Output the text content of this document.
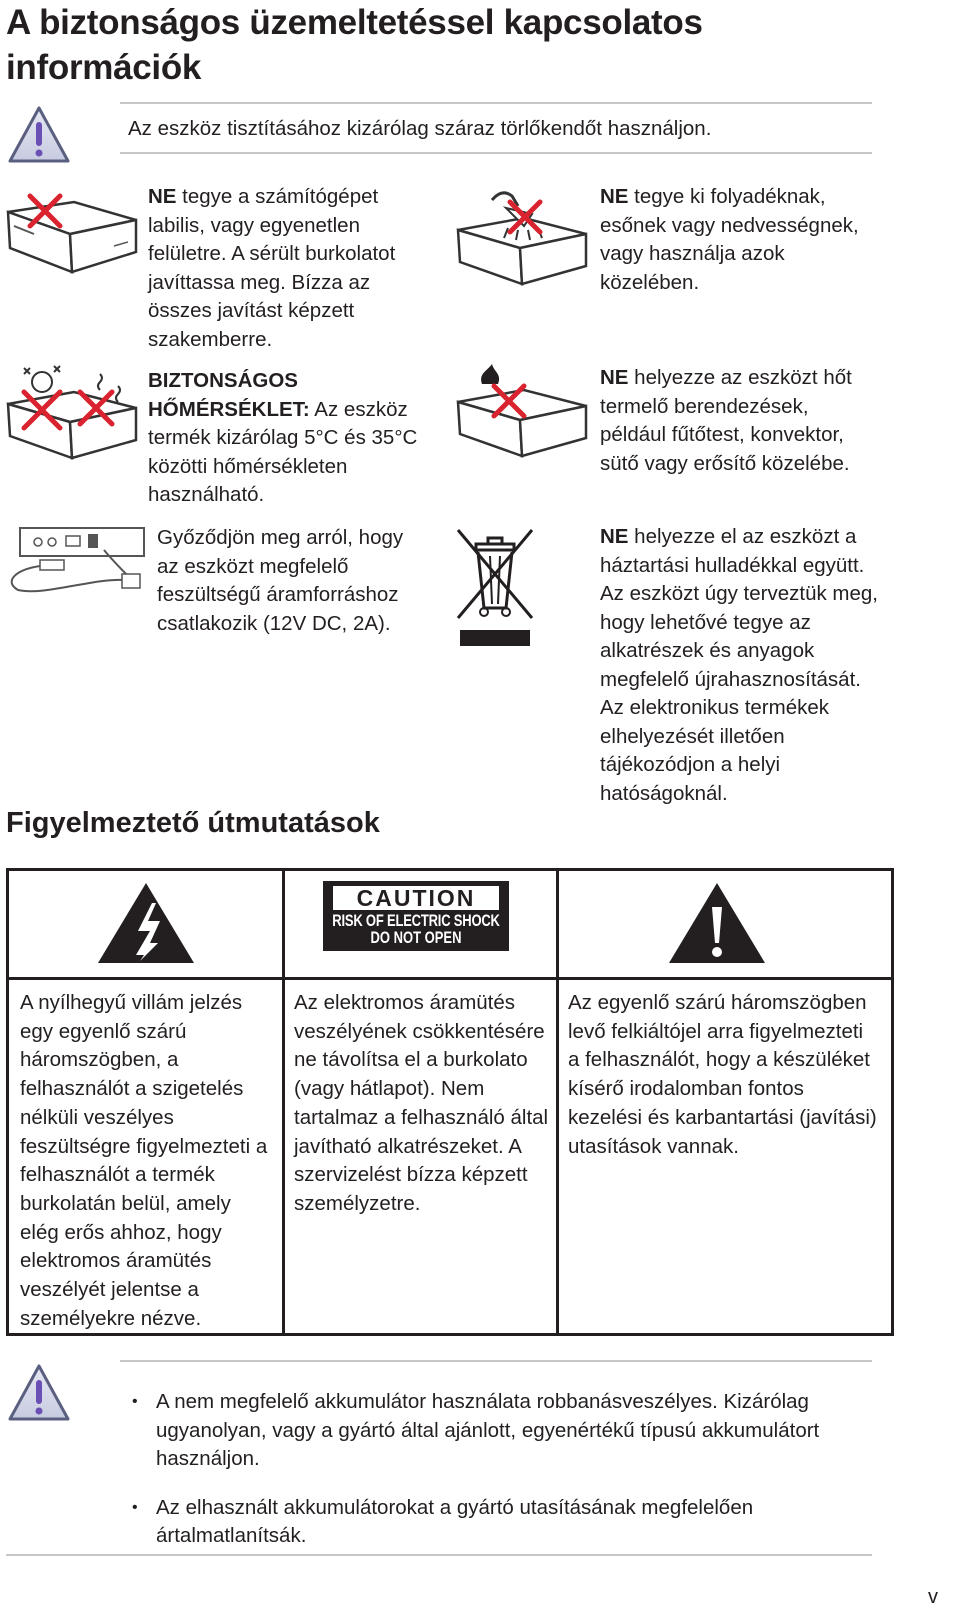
A biztonságos üzemeltetéssel kapcsolatos információk

Az eszköz tisztításához kizárólag száraz törlőkendőt használjon.

NE tegye a számítógépet labilis, vagy egyenetlen felületre. A sérült burkolatot javíttassa meg. Bízza az összes javítást képzett szakemberre.

BIZTONSÁGOS HŐMÉRSÉKLET: Az eszköz termék kizárólag 5°C és 35°C közötti hőmérsékleten használható.

Győződjön meg arról, hogy az eszközt megfelelő feszültségű áramforráshoz csatlakozik (12V DC, 2A).

NE tegye ki folyadéknak, esőnek vagy nedvességnek, vagy használja azok közelében.

NE helyezze az eszközt hőt termelő berendezések, például fűtőtest, konvektor, sütő vagy erősítő közelébe.

NE helyezze el az eszközt a háztartási hulladékkal együtt. Az eszközt úgy terveztük meg, hogy lehetővé tegye az alkatrészek és anyagok megfelelő újrahasznosítását. Az elektronikus termékek elhelyezését illetően tájékozódjon a helyi hatóságoknál.

Figyelmeztető útmutatások

A nyílhegyű villám jelzés egy egyenlő szárú háromszögben, a felhasználót a szigetelés nélküli veszélyes feszültségre figyelmezteti a felhasználót a termék burkolatán belül, amely elég erős ahhoz, hogy elektromos áramütés veszélyét jelentse a személyekre nézve.

CAUTION
RISK OF ELECTRIC SHOCK
DO NOT OPEN

Az elektromos áramütés veszélyének csökkentésére ne távolítsa el a burkolato (vagy hátlapot). Nem tartalmaz a felhasználó által javítható alkatrészeket. A szervizelést bízza képzett személyzetre.

Az egyenlő szárú háromszögben levő felkiáltójel arra figyelmezteti a felhasználót, hogy a készüléket kísérő irodalomban fontos kezelési és karbantartási (javítási) utasítások vannak.

• A nem megfelelő akkumulátor használata robbanásveszélyes. Kizárólag ugyanolyan, vagy a gyártó által ajánlott, egyenértékű típusú akkumulátort használjon.
• Az elhasznált akkumulátorokat a gyártó utasításának megfelelően ártalmatlanítsák.
v
